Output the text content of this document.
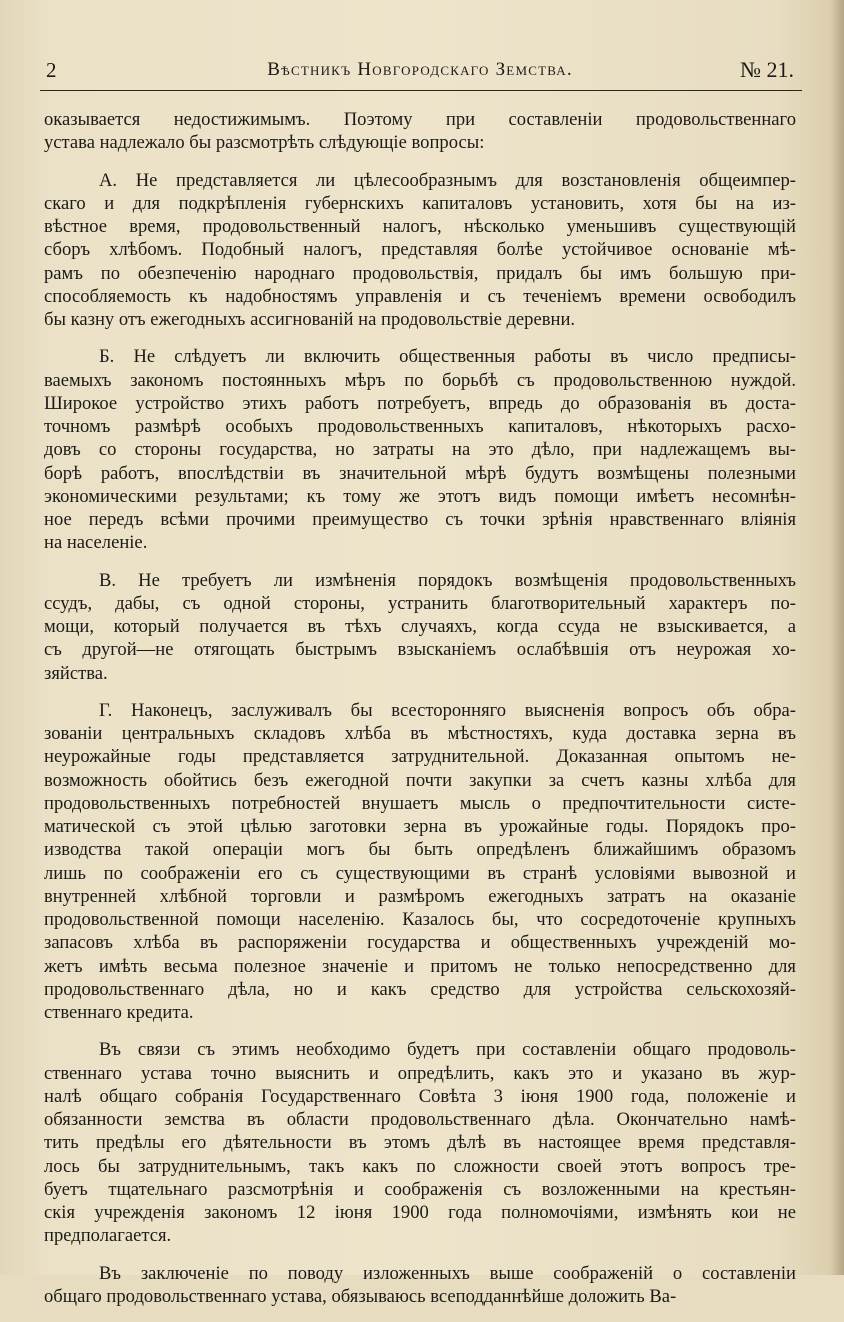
2	Вѣстникъ Новгородскаго Земства.	№ 21.
оказывается недостижимымъ. Поэтому при составленіи продовольственнаго
устава надлежало бы разсмотрѣть слѣдующіе вопросы:
А. Не представляется ли цѣлесообразнымъ для возстановленія общеимпер-
скаго и для подкрѣпленія губернскихъ капиталовъ установить, хотя бы на из-
вѣстное время, продовольственный налогъ, нѣсколько уменьшивъ существующій
сборъ хлѣбомъ. Подобный налогъ, представляя болѣе устойчивое основаніе мѣ-
рамъ по обезпеченію народнаго продовольствія, придалъ бы имъ большую при-
способляемость къ надобностямъ управленія и съ теченіемъ времени освободилъ
бы казну отъ ежегодныхъ ассигнованій на продовольствіе деревни.
Б. Не слѣдуетъ ли включить общественныя работы въ число предписы-
ваемыхъ закономъ постоянныхъ мѣръ по борьбѣ съ продовольственною нуждой.
Широкое устройство этихъ работъ потребуетъ, впредь до образованія въ доста-
точномъ размѣрѣ особыхъ продовольственныхъ капиталовъ, нѣкоторыхъ расхо-
довъ со стороны государства, но затраты на это дѣло, при надлежащемъ вы-
борѣ работъ, впослѣдствіи въ значительной мѣрѣ будутъ возмѣщены полезными
экономическими результами; къ тому же этотъ видъ помощи имѣетъ несомнѣн-
ное передъ всѣми прочими преимущество съ точки зрѣнія нравственнаго вліянія
на населеніе.
В. Не требуетъ ли измѣненія порядокъ возмѣщенія продовольственныхъ
ссудъ, дабы, съ одной стороны, устранить благотворительный характеръ по-
мощи, который получается въ тѣхъ случаяхъ, когда ссуда не взыскивается, а
съ другой—не отягощать быстрымъ взысканіемъ ослабѣвшія отъ неурожая хо-
зяйства.
Г. Наконецъ, заслуживалъ бы всесторонняго выясненія вопросъ объ обра-
зованіи центральныхъ складовъ хлѣба въ мѣстностяхъ, куда доставка зерна въ
неурожайные годы представляется затруднительной. Доказанная опытомъ не-
возможность обойтись безъ ежегодной почти закупки за счетъ казны хлѣба для
продовольственныхъ потребностей внушаетъ мысль о предпочтительности систе-
матической съ этой цѣлью заготовки зерна въ урожайные годы. Порядокъ про-
изводства такой операціи могъ бы быть опредѣленъ ближайшимъ образомъ
лишь по соображеніи его съ существующими въ странѣ условіями вывозной и
внутренней хлѣбной торговли и размѣромъ ежегодныхъ затратъ на оказаніе
продовольственной помощи населенію. Казалось бы, что сосредоточеніе крупныхъ
запасовъ хлѣба въ распоряженіи государства и общественныхъ учрежденій мо-
жетъ имѣть весьма полезное значеніе и притомъ не только непосредственно для
продовольственнаго дѣла, но и какъ средство для устройства сельскохозяй-
ственнаго кредита.
Въ связи съ этимъ необходимо будетъ при составленіи общаго продоволь-
ственнаго устава точно выяснить и опредѣлить, какъ это и указано въ жур-
налѣ общаго собранія Государственнаго Совѣта 3 іюня 1900 года, положеніе и
обязанности земства въ области продовольственнаго дѣла. Окончательно намѣ-
тить предѣлы его дѣятельности въ этомъ дѣлѣ въ настоящее время представля-
лось бы затруднительнымъ, такъ какъ по сложности своей этотъ вопросъ тре-
буетъ тщательнаго разсмотрѣнія и соображенія съ возложенными на крестьян-
скія учрежденія закономъ 12 іюня 1900 года полномочіями, измѣнять кои не
предполагается.
Въ заключеніе по поводу изложенныхъ выше соображеній о составленіи
общаго продовольственнаго устава, обязываюсь всеподданнѣйше доложить Ва-
